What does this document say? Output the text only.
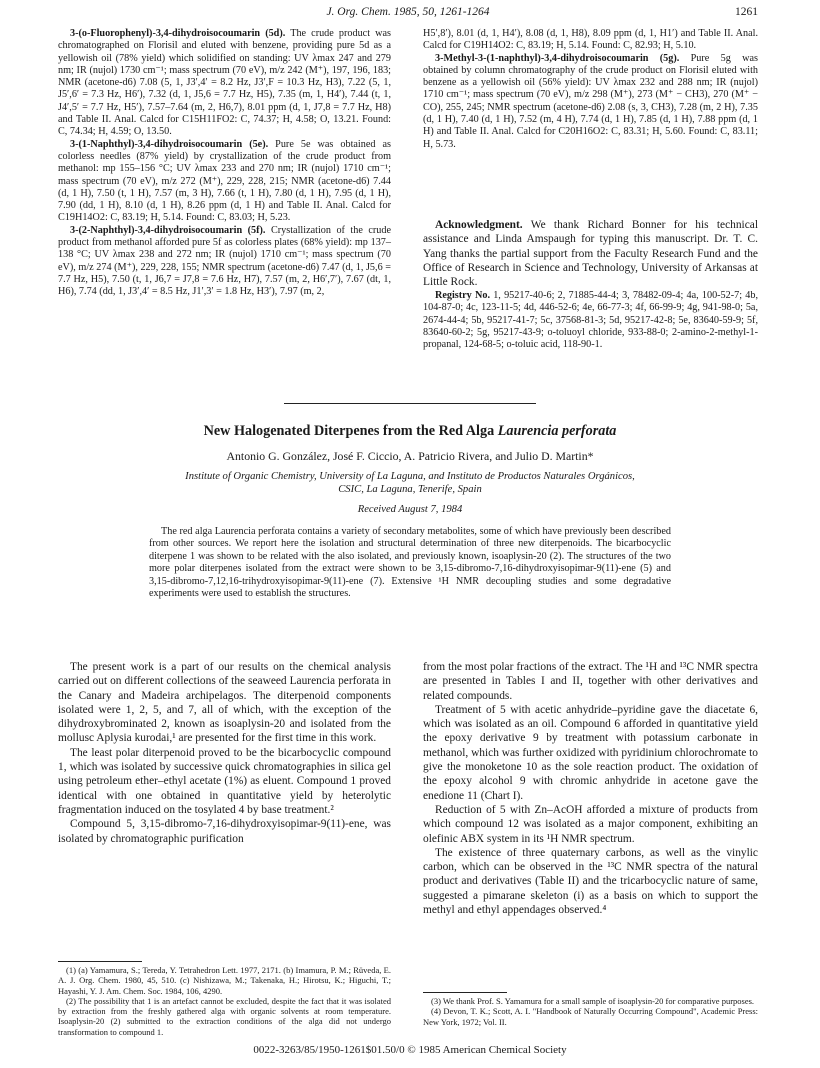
J. Org. Chem. 1985, 50, 1261-1264	1261

3-(o-Fluorophenyl)-3,4-dihydroisocoumarin (5d). The crude product was chromatographed on Florisil and eluted with benzene, providing pure 5d as a yellowish oil (78% yield) which solidified on standing: UV λmax 247 and 279 nm; IR (nujol) 1730 cm⁻¹; mass spectrum (70 eV), m/z 242 (M⁺), 197, 196, 183; NMR (acetone-d6) 7.08 (5, 1, J3′,4′ = 8.2 Hz, J3′,F = 10.3 Hz, H3), 7.22 (5, 1, J5′,6′ = 7.3 Hz, H6′), 7.32 (d, 1, J5,6 = 7.7 Hz, H5), 7.35 (m, 1, H4′), 7.44 (t, 1, J4′,5′ = 7.7 Hz, H5′), 7.57–7.64 (m, 2, H6,7), 8.01 ppm (d, 1, J7,8 = 7.7 Hz, H8) and Table II. Anal. Calcd for C15H11FO2: C, 74.37; H, 4.58; O, 13.21. Found: C, 74.34; H, 4.59; O, 13.50.

3-(1-Naphthyl)-3,4-dihydroisocoumarin (5e). Pure 5e was obtained as colorless needles (87% yield) by crystallization of the crude product from methanol: mp 155–156 °C; UV λmax 233 and 270 nm; IR (nujol) 1710 cm⁻¹; mass spectrum (70 eV), m/z 272 (M⁺), 229, 228, 215; NMR (acetone-d6) 7.44 (d, 1 H), 7.50 (t, 1 H), 7.57 (m, 3 H), 7.66 (t, 1 H), 7.80 (d, 1 H), 7.95 (d, 1 H), 7.90 (dd, 1 H), 8.10 (d, 1 H), 8.26 ppm (d, 1 H) and Table II. Anal. Calcd for C19H14O2: C, 83.19; H, 5.14. Found: C, 83.03; H, 5.23.

3-(2-Naphthyl)-3,4-dihydroisocoumarin (5f). Crystallization of the crude product from methanol afforded pure 5f as colorless plates (68% yield): mp 137–138 °C; UV λmax 238 and 272 nm; IR (nujol) 1710 cm⁻¹; mass spectrum (70 eV), m/z 274 (M⁺), 229, 228, 155; NMR spectrum (acetone-d6) 7.47 (d, 1, J5,6 = 7.7 Hz, H5), 7.50 (t, 1, J6,7 = J7,8 = 7.6 Hz, H7), 7.57 (m, 2, H6′,7′), 7.67 (dt, 1, H6), 7.74 (dd, 1, J3′,4′ = 8.5 Hz, J1′,3′ = 1.8 Hz, H3′), 7.97 (m, 2,

H5′,8′), 8.01 (d, 1, H4′), 8.08 (d, 1, H8), 8.09 ppm (d, 1, H1′) and Table II. Anal. Calcd for C19H14O2: C, 83.19; H, 5.14. Found: C, 82.93; H, 5.10.

3-Methyl-3-(1-naphthyl)-3,4-dihydroisocoumarin (5g). Pure 5g was obtained by column chromatography of the crude product on Florisil eluted with benzene as a yellowish oil (56% yield): UV λmax 232 and 288 nm; IR (nujol) 1710 cm⁻¹; mass spectrum (70 eV), m/z 298 (M⁺), 273 (M⁺ − CH3), 270 (M⁺ − CO), 255, 245; NMR spectrum (acetone-d6) 2.08 (s, 3, CH3), 7.28 (m, 2 H), 7.35 (d, 1 H), 7.40 (d, 1 H), 7.52 (m, 4 H), 7.74 (d, 1 H), 7.85 (d, 1 H), 7.88 ppm (d, 1 H) and Table II. Anal. Calcd for C20H16O2: C, 83.31; H, 5.60. Found: C, 83.11; H, 5.73.

Acknowledgment. We thank Richard Bonner for his technical assistance and Linda Amspaugh for typing this manuscript. Dr. T. C. Yang thanks the partial support from the Faculty Research Fund and the Office of Research in Science and Technology, University of Arkansas at Little Rock.

Registry No. 1, 95217-40-6; 2, 71885-44-4; 3, 78482-09-4; 4a, 100-52-7; 4b, 104-87-0; 4c, 123-11-5; 4d, 446-52-6; 4e, 66-77-3; 4f, 66-99-9; 4g, 941-98-0; 5a, 2674-44-4; 5b, 95217-41-7; 5c, 37568-81-3; 5d, 95217-42-8; 5e, 83640-59-9; 5f, 83640-60-2; 5g, 95217-43-9; o-toluoyl chloride, 933-88-0; 2-amino-2-methyl-1-propanal, 124-68-5; o-toluic acid, 118-90-1.

New Halogenated Diterpenes from the Red Alga Laurencia perforata
Antonio G. González, José F. Ciccio, A. Patricio Rivera, and Julio D. Martin*
Institute of Organic Chemistry, University of La Laguna, and Instituto de Productos Naturales Orgánicos,
CSIC, La Laguna, Tenerife, Spain
Received August 7, 1984

The red alga Laurencia perforata contains a variety of secondary metabolites, some of which have previously been described from other sources. We report here the isolation and structural determination of three new diterpenoids. The bicarbocyclic diterpene 1 was shown to be related with the also isolated, and previously known, isoaplysin-20 (2). The structures of the two more polar diterpenes isolated from the extract were shown to be 3,15-dibromo-7,16-dihydroxyisopimar-9(11)-ene (5) and 3,15-dibromo-7,12,16-trihydroxyisopimar-9(11)-ene (7). Extensive ¹H NMR decoupling studies and some degradative experiments were used to establish the structures.

The present work is a part of our results on the chemical analysis carried out on different collections of the seaweed Laurencia perforata in the Canary and Madeira archipelagos. The diterpenoid components isolated were 1, 2, 5, and 7, all of which, with the exception of the dihydroxybrominated 2, known as isoaplysin-20 and isolated from the mollusc Aplysia kurodai,¹ are presented for the first time in this work.

The least polar diterpenoid proved to be the bicarbocyclic compound 1, which was isolated by successive quick chromatographies in silica gel using petroleum ether–ethyl acetate (1%) as eluent. Compound 1 proved identical with one obtained in quantitative yield by heterolytic fragmentation induced on the tosylated 4 by base treatment.²

Compound 5, 3,15-dibromo-7,16-dihydroxyisopimar-9(11)-ene, was isolated by chromatographic purification

(1) (a) Yamamura, S.; Tereda, Y. Tetrahedron Lett. 1977, 2171. (b) Imamura, P. M.; Rüveda, E. A. J. Org. Chem. 1980, 45, 510. (c) Nishizawa, M.; Takenaka, H.; Hirotsu, K.; Higuchi, T.; Hayashi, Y. J. Am. Chem. Soc. 1984, 106, 4290.

(2) The possibility that 1 is an artefact cannot be excluded, despite the fact that it was isolated by extraction from the freshly gathered alga with organic solvents at room temperature. Isoaplysin-20 (2) submitted to the extraction conditions of the alga did not undergo transformation to compound 1.

from the most polar fractions of the extract. The ¹H and ¹³C NMR spectra are presented in Tables I and II, together with other derivatives and related compounds.

Treatment of 5 with acetic anhydride–pyridine gave the diacetate 6, which was isolated as an oil. Compound 6 afforded in quantitative yield the epoxy derivative 9 by treatment with potassium carbonate in methanol, which was further oxidized with pyridinium chlorochromate to give the monoketone 10 as the sole reaction product. The oxidation of the epoxy alcohol 9 with chromic anhydride in acetone gave the enedione 11 (Chart I).

Reduction of 5 with Zn–AcOH afforded a mixture of products from which compound 12 was isolated as a major component, exhibiting an olefinic ABX system in its ¹H NMR spectrum.

The existence of three quaternary carbons, as well as the vinylic carbon, which can be observed in the ¹³C NMR spectra of the natural product and derivatives (Table II) and the tricarbocyclic nature of same, suggested a pimarane skeleton (i) as a basis on which to support the methyl and ethyl appendages observed.⁴

(3) We thank Prof. S. Yamamura for a small sample of isoaplysin-20 for comparative purposes.

(4) Devon, T. K.; Scott, A. I. "Handbook of Naturally Occurring Compound", Academic Press: New York, 1972; Vol. II.

0022-3263/85/1950-1261$01.50/0 © 1985 American Chemical Society
